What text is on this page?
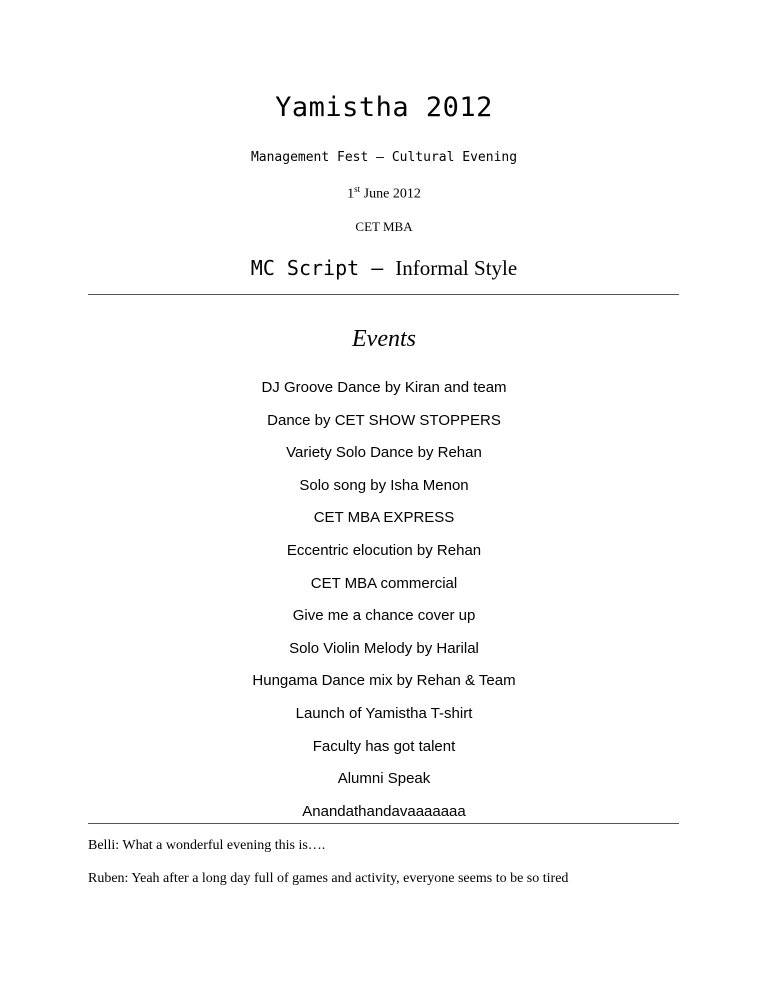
Yamistha 2012
Management Fest – Cultural Evening
1st June 2012
CET MBA
MC Script – Informal Style
Events
DJ Groove Dance by Kiran and team
Dance by CET SHOW STOPPERS
Variety Solo Dance by Rehan
Solo song by Isha Menon
CET MBA EXPRESS
Eccentric elocution by Rehan
CET MBA commercial
Give me a chance cover up
Solo Violin Melody by Harilal
Hungama Dance mix by Rehan & Team
Launch of Yamistha T-shirt
Faculty has got talent
Alumni Speak
Anandathandavaaaaaaa
Belli: What a wonderful evening this is….
Ruben: Yeah after a long day full of games and activity, everyone seems to be so tired
